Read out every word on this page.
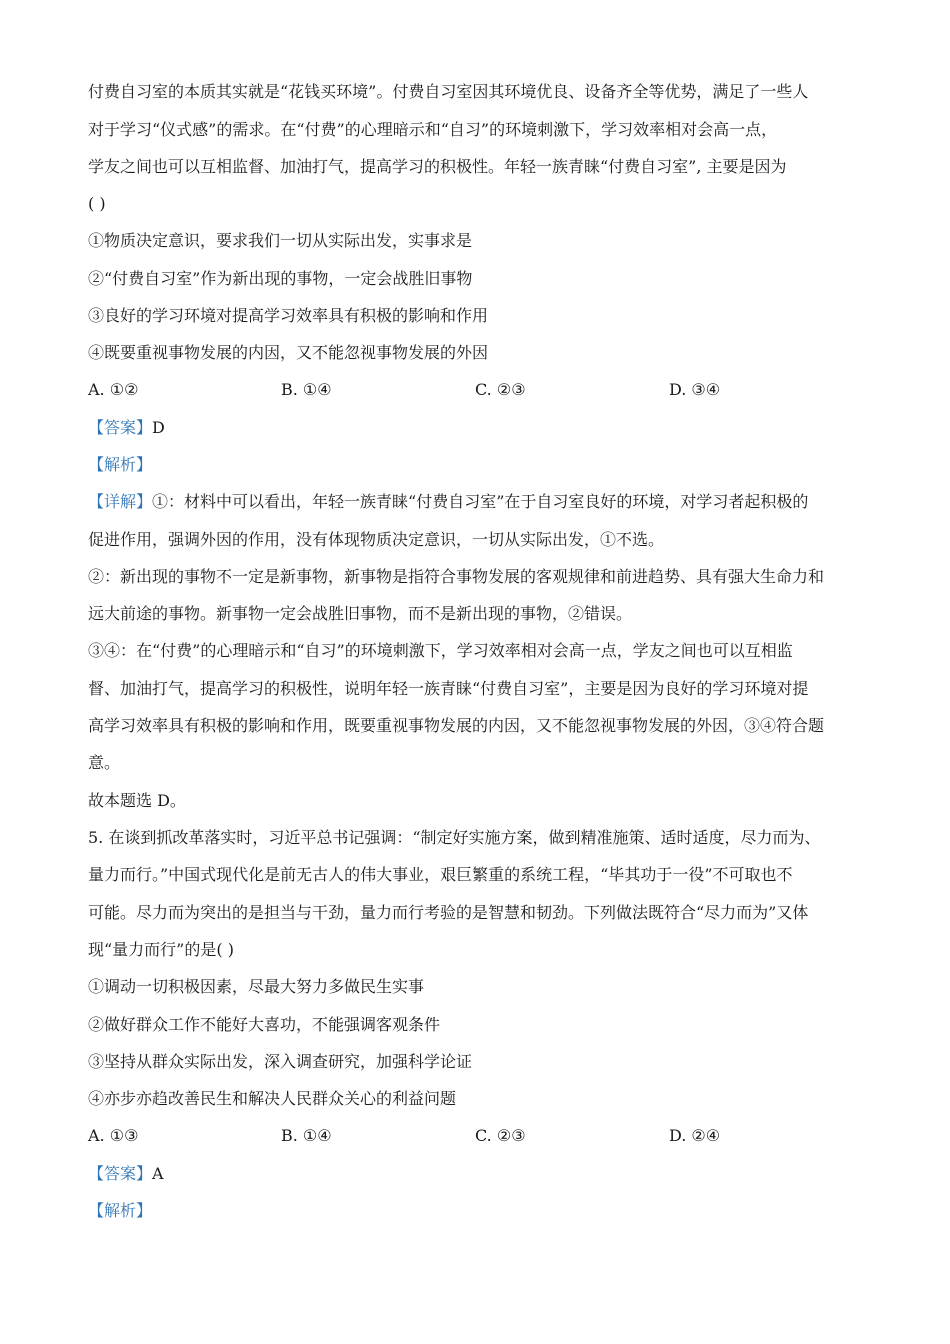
付费自习室的本质其实就是“花钱买环境”。付费自习室因其环境优良、设备齐全等优势，满足了一些人
对于学习“仪式感”的需求。在“付费”的心理暗示和“自习”的环境刺激下，学习效率相对会高一点，
学友之间也可以互相监督、加油打气，提高学习的积极性。年轻一族青睐“付费自习室”, 主要是因为
( )
①物质决定意识，要求我们一切从实际出发，实事求是
②“付费自习室”作为新出现的事物，一定会战胜旧事物
③良好的学习环境对提高学习效率具有积极的影响和作用
④既要重视事物发展的内因，又不能忽视事物发展的外因
A. ①②	B. ①④	C. ②③	D. ③④
【答案】D
【解析】
【详解】①：材料中可以看出，年轻一族青睐“付费自习室”在于自习室良好的环境，对学习者起积极的
促进作用，强调外因的作用，没有体现物质决定意识，一切从实际出发，①不选。
②：新出现的事物不一定是新事物，新事物是指符合事物发展的客观规律和前进趋势、具有强大生命力和
远大前途的事物。新事物一定会战胜旧事物，而不是新出现的事物，②错误。
③④：在“付费”的心理暗示和“自习”的环境刺激下，学习效率相对会高一点，学友之间也可以互相监
督、加油打气，提高学习的积极性，说明年轻一族青睐“付费自习室”，主要是因为良好的学习环境对提
高学习效率具有积极的影响和作用，既要重视事物发展的内因，又不能忽视事物发展的外因，③④符合题
意。
故本题选 D。
5. 在谈到抓改革落实时，习近平总书记强调：“制定好实施方案，做到精准施策、适时适度，尽力而为、
量力而行。”中国式现代化是前无古人的伟大事业，艰巨繁重的系统工程，“毕其功于一役”不可取也不
可能。尽力而为突出的是担当与干劲，量力而行考验的是智慧和韧劲。下列做法既符合“尽力而为”又体
现“量力而行”的是( )
①调动一切积极因素，尽最大努力多做民生实事
②做好群众工作不能好大喜功，不能强调客观条件
③坚持从群众实际出发，深入调查研究，加强科学论证
④亦步亦趋改善民生和解决人民群众关心的利益问题
A. ①③	B. ①④	C. ②③	D. ②④
【答案】A
【解析】
